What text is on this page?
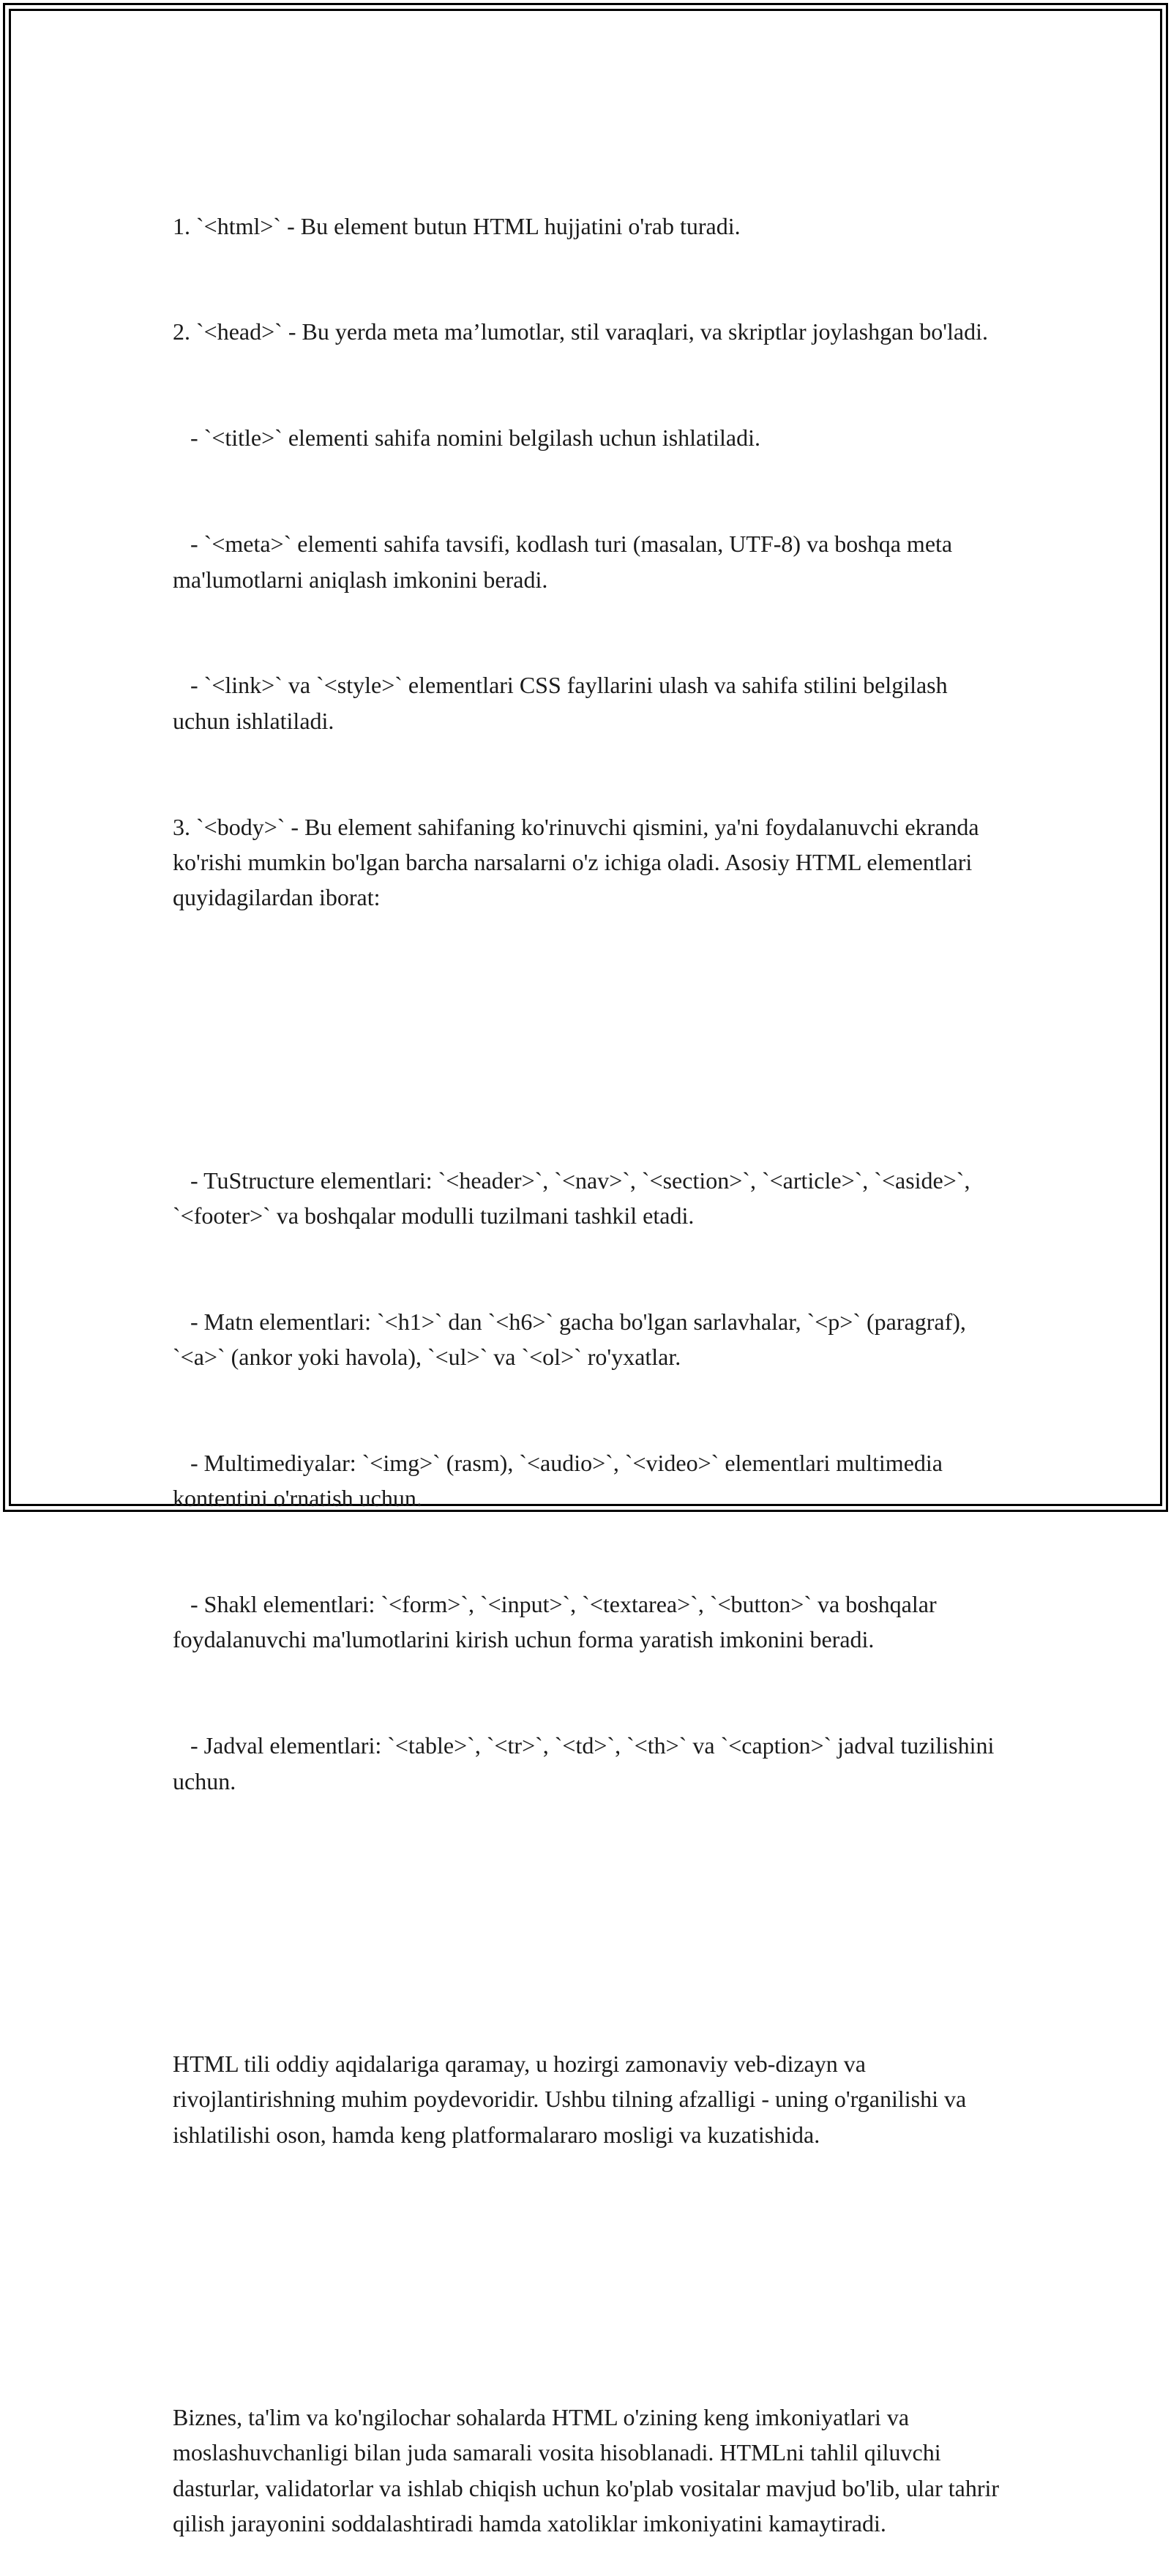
1. `<html>` - Bu element butun HTML hujjatini o'rab turadi.

2. `<head>` - Bu yerda meta ma’lumotlar, stil varaqlari, va skriptlar joylashgan bo'ladi.

- `<title>` elementi sahifa nomini belgilash uchun ishlatiladi.

- `<meta>` elementi sahifa tavsifi, kodlash turi (masalan, UTF-8) va boshqa meta ma'lumotlarni aniqlash imkonini beradi.

- `<link>` va `<style>` elementlari CSS fayllarini ulash va sahifa stilini belgilash uchun ishlatiladi.

3. `<body>` - Bu element sahifaning ko'rinuvchi qismini, ya'ni foydalanuvchi ekranda ko'rishi mumkin bo'lgan barcha narsalarni o'z ichiga oladi. Asosiy HTML elementlari quyidagilardan iborat:

- TuStructure elementlari: `<header>`, `<nav>`, `<section>`, `<article>`, `<aside>`, `<footer>` va boshqalar modulli tuzilmani tashkil etadi.

- Matn elementlari: `<h1>` dan `<h6>` gacha bo'lgan sarlavhalar, `<p>` (paragraf), `<a>` (ankor yoki havola), `<ul>` va `<ol>` ro'yxatlar.

- Multimediyalar: `<img>` (rasm), `<audio>`, `<video>` elementlari multimedia kontentini o'rnatish uchun.

- Shakl elementlari: `<form>`, `<input>`, `<textarea>`, `<button>` va boshqalar foydalanuvchi ma'lumotlarini kirish uchun forma yaratish imkonini beradi.

- Jadval elementlari: `<table>`, `<tr>`, `<td>`, `<th>` va `<caption>` jadval tuzilishini uchun.

HTML tili oddiy aqidalariga qaramay, u hozirgi zamonaviy veb-dizayn va rivojlantirishning muhim poydevoridir. Ushbu tilning afzalligi - uning o'rganilishi va ishlatilishi oson, hamda keng platformalararo mosligi va kuzatishida.

Biznes, ta'lim va ko'ngilochar sohalarda HTML o'zining keng imkoniyatlari va moslashuvchanligi bilan juda samarali vosita hisoblanadi. HTMLni tahlil qiluvchi dasturlar, validatorlar va ishlab chiqish uchun ko'plab vositalar mavjud bo'lib, ular tahrir qilish jarayonini soddalashtiradi hamda xatoliklar imkoniyatini kamaytiradi.
